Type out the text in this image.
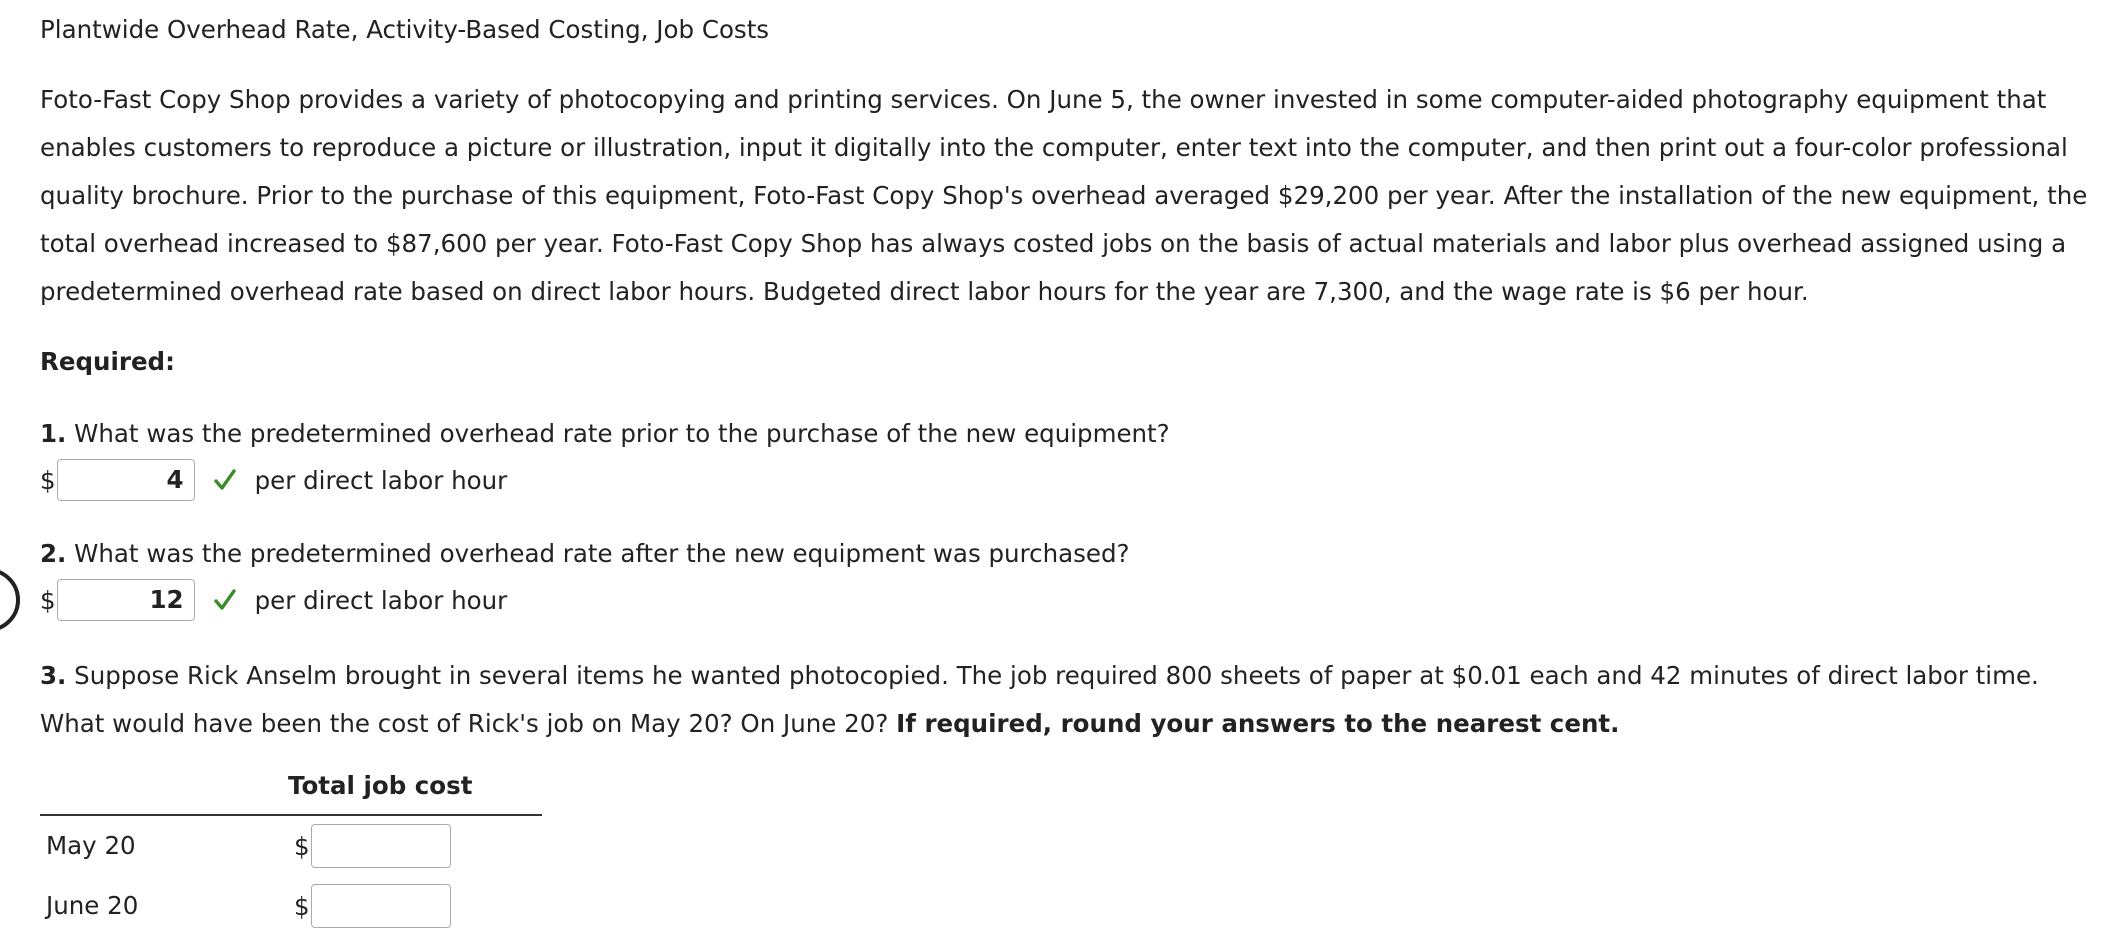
Plantwide Overhead Rate, Activity-Based Costing, Job Costs

Foto-Fast Copy Shop provides a variety of photocopying and printing services. On June 5, the owner invested in some computer-aided photography equipment that enables customers to reproduce a picture or illustration, input it digitally into the computer, enter text into the computer, and then print out a four-color professional quality brochure. Prior to the purchase of this equipment, Foto-Fast Copy Shop's overhead averaged $29,200 per year. After the installation of the new equipment, the total overhead increased to $87,600 per year. Foto-Fast Copy Shop has always costed jobs on the basis of actual materials and labor plus overhead assigned using a predetermined overhead rate based on direct labor hours. Budgeted direct labor hours for the year are 7,300, and the wage rate is $6 per hour.

Required:
1. What was the predetermined overhead rate prior to the purchase of the new equipment?
$	4	per direct labor hour
2. What was the predetermined overhead rate after the new equipment was purchased?
$	12	per direct labor hour
3. Suppose Rick Anselm brought in several items he wanted photocopied. The job required 800 sheets of paper at $0.01 each and 42 minutes of direct labor time. What would have been the cost of Rick's job on May 20? On June 20? If required, round your answers to the nearest cent.
Total job cost
May 20	$
June 20	$
